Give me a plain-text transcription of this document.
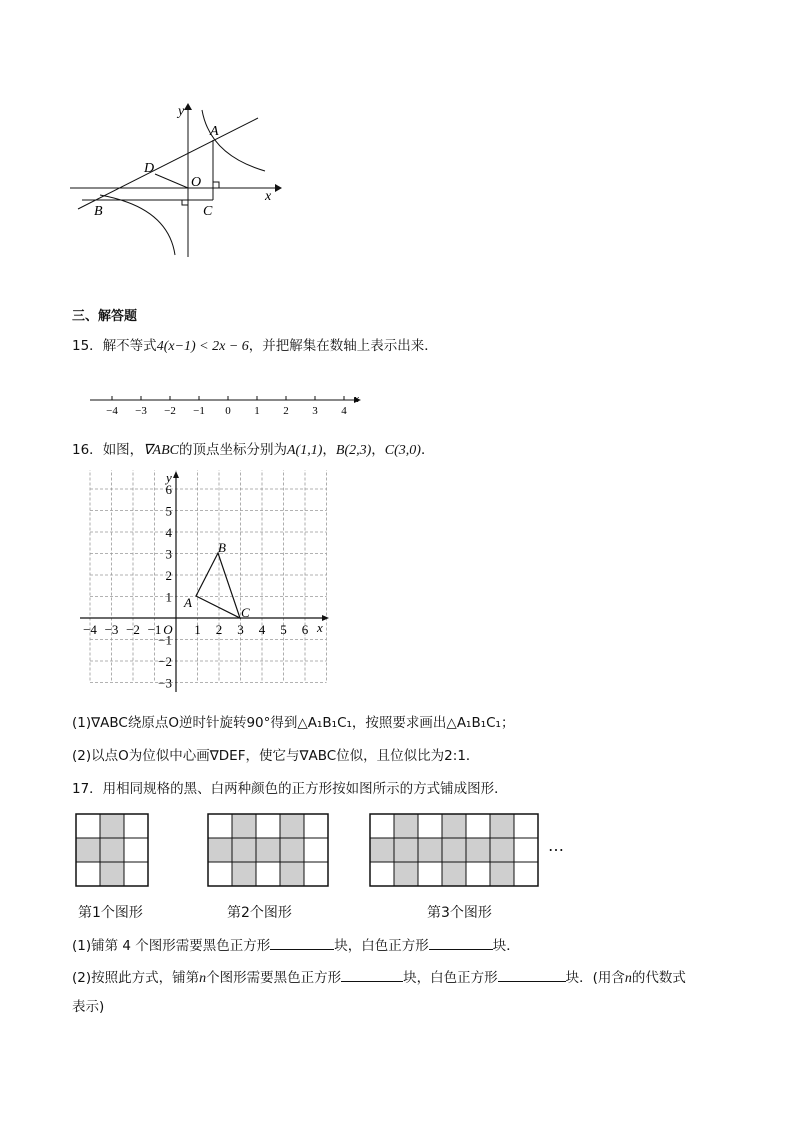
y
x
A
D
O
B	C
三、解答题
15．解不等式4(x−1) < 2x − 6，并把解集在数轴上表示出来．
−4 −3 −2 −1 0 1 2 3 4
x
16．如图，∇ABC的顶点坐标分别为A(1,1)，B(2,3)，C(3,0)．
−4 −3 −2 −1 O 1 2 3 4 5 6
6
5
4
3
2
1
−1
−2
−3
y
x
A
B
C
(1)∇ABC绕原点O逆时针旋转90°得到△A₁B₁C₁，按照要求画出△A₁B₁C₁；
(2)以点O为位似中心画∇DEF，使它与∇ABC位似，且位似比为2:1．
17．用相同规格的黑、白两种颜色的正方形按如图所示的方式铺成图形．
…
第1个图形	第2个图形	第3个图形
(1)铺第 4 个图形需要黑色正方形	块，白色正方形	块．
(2)按照此方式，铺第n个图形需要黑色正方形	块，白色正方形	块．(用含n的代数式
表示)
